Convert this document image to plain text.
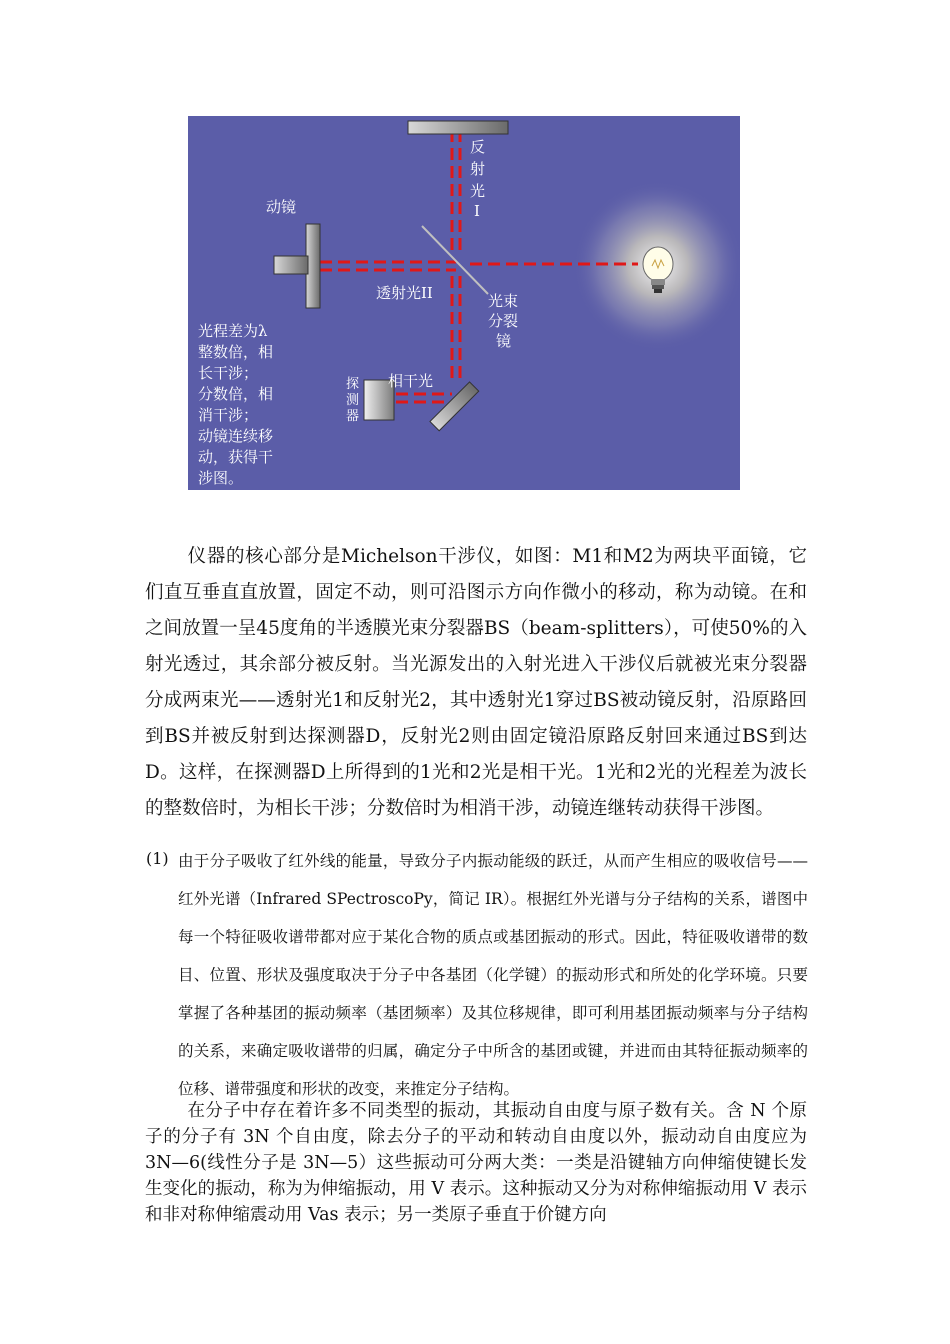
反
射
光
I
动镜
透射光II	光束
分裂
镜
光程差为λ
整数倍，相
长干涉；
分数倍，相
消干涉；
动镜连续移
动，获得干
涉图。
相干光
探
测
器
仪器的核心部分是Michelson干涉仪，如图：M1和M2为两块平面镜，它们直互垂直直放置，固定不动，则可沿图示方向作微小的移动，称为动镜。在和之间放置一呈45度角的半透膜光束分裂器BS（beam-splitters），可使50%的入射光透过，其余部分被反射。当光源发出的入射光进入干涉仪后就被光束分裂器分成两束光——透射光1和反射光2，其中透射光1穿过BS被动镜反射，沿原路回到BS并被反射到达探测器D，反射光2则由固定镜沿原路反射回来通过BS到达D。这样，在探测器D上所得到的1光和2光是相干光。1光和2光的光程差为波长的整数倍时，为相长干涉；分数倍时为相消干涉，动镜连继转动获得干涉图。
(1) 由于分子吸收了红外线的能量，导致分子内振动能级的跃迁，从而产生相应的吸收信号——红外光谱（Infrared SPectroscoPy，简记 IR）。根据红外光谱与分子结构的关系，谱图中每一个特征吸收谱带都对应于某化合物的质点或基团振动的形式。因此，特征吸收谱带的数目、位置、形状及强度取决于分子中各基团（化学键）的振动形式和所处的化学环境。只要掌握了各种基团的振动频率（基团频率）及其位移规律，即可利用基团振动频率与分子结构的关系，来确定吸收谱带的归属，确定分子中所含的基团或键，并进而由其特征振动频率的位移、谱带强度和形状的改变，来推定分子结构。
在分子中存在着许多不同类型的振动，其振动自由度与原子数有关。含 N 个原子的分子有 3N 个自由度，除去分子的平动和转动自由度以外，振动动自由度应为 3N—6(线性分子是 3N—5）这些振动可分两大类：一类是沿键轴方向伸缩使键长发生变化的振动，称为为伸缩振动，用 V 表示。这种振动又分为对称伸缩振动用 V 表示和非对称伸缩震动用 Vas 表示；另一类原子垂直于价键方向
